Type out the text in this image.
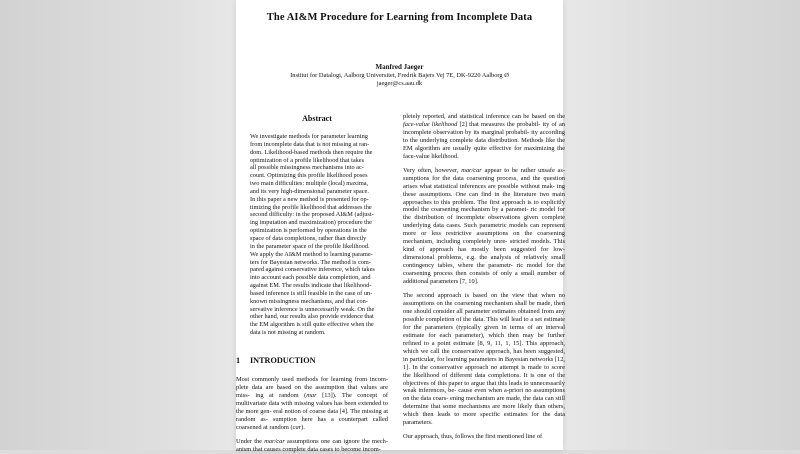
The AI&M Procedure for Learning from Incomplete Data
Manfred Jaeger
Institut for Datalogi, Aalborg Universitet, Fredrik Bajers Vej 7E, DK-9220 Aalborg Ø
jaeger@cs.aau.dk
Abstract
We investigate methods for parameter learning
from incomplete data that is not missing at ran-
dom. Likelihood-based methods then require the
optimization of a profile likelihood that takes
all possible missingness mechanisms into ac-
count. Optimizing this profile likelihood poses
two main difficulties: multiple (local) maxima,
and its very high-dimensional parameter space.
In this paper a new method is presented for op-
timizing the profile likelihood that addresses the
second difficulty: in the proposed AI&M (adjust-
ing imputation and maximization) procedure the
optimization is performed by operations in the
space of data completions, rather than directly
in the parameter space of the profile likelihood.
We apply the AI&M method to learning parame-
ters for Bayesian networks. The method is com-
pared against conservative inference, which takes
into account each possible data completion, and
against EM. The results indicate that likelihood-
based inference is still feasible in the case of un-
known missingness mechanisms, and that con-
servative inference is unnecessarily weak. On the
other hand, our results also provide evidence that
the EM algorithm is still quite effective when the
data is not missing at random.
1 INTRODUCTION

Most commonly used methods for learning from incom- plete data are based on the assumption that values are miss- ing at random (mar [13]). The concept of multivariate data with missing values has been extended to the more gen- eral notion of coarse data [4]. The missing at random as- sumption here has a counterpart called coarsened at random (car).

Under the mar/car assumptions one can ignore the mech- anism that causes complete data cases to become incom-

pletely reported, and statistical inference can be based on the face-value likelihood [2] that measures the probabil- ity of an incomplete observation by its marginal probabil- ity according to the underlying complete data distribution. Methods like the EM algorithm are usually quite effective for maximizing the face-value likelihood.

Very often, however, mar/car appear to be rather unsafe as- sumptions for the data coarsening process, and the question arises what statistical inferences are possible without mak- ing these assumptions. One can find in the literature two main approaches to this problem. The first approach is to explicitly model the coarsening mechanism by a paramet- ric model for the distribution of incomplete observations given complete underlying data cases. Such parametric models can represent more or less restrictive assumptions on the coarsening mechanism, including completely unre- stricted models. This kind of approach has mostly been suggested for low-dimensional problems, e.g. the analysis of relatively small contingency tables, where the parametr- ric model for the coarsening process then consists of only a small number of additional parameters [7, 10].

The second approach is based on the view that when no assumptions on the coarsening mechanism shall be made, then one should consider all parameter estimates obtained from any possible completion of the data. This will lead to a set estimate for the parameters (typically given in terms of an interval estimate for each parameter), which then may be further refined to a point estimate [8, 9, 11, 1, 15]. This approach, which we call the conservative approach, has been suggested, in particular, for learning parameters in Bayesian networks [12, 1]. In the conservative approach no attempt is made to score the likelihood of different data completions. It is one of the objectives of this paper to argue that this leads to unnecessarily weak inferences, be- cause even when a-priori no assumptions on the data coars- ening mechanism are made, the data can still determine that some mechanisms are more likely than others, which then leads to more specific estimates for the data parameters.

Our approach, thus, follows the first mentioned line of
